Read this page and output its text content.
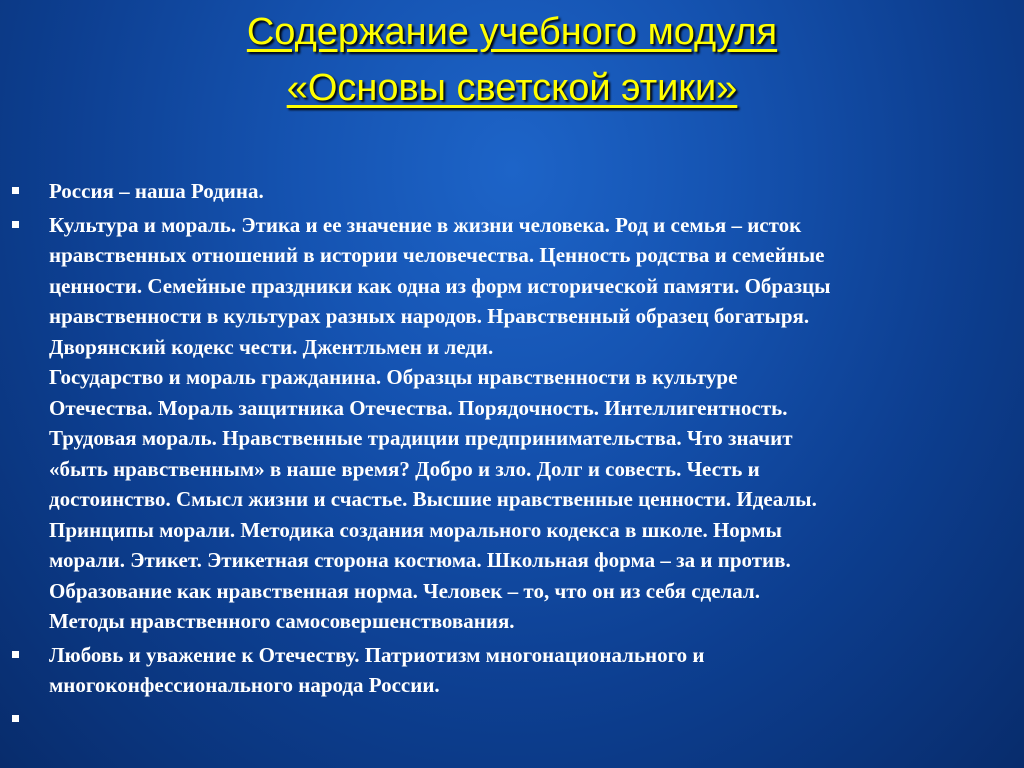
Содержание учебного модуля
«Основы светской этики»
Россия – наша Родина.
Культура и мораль. Этика и ее значение в жизни человека. Род и семья – исток
нравственных отношений в истории человечества. Ценность родства и семейные
ценности. Семейные праздники как одна из форм исторической памяти. Образцы
нравственности в культурах разных народов. Нравственный образец богатыря.
Дворянский кодекс чести. Джентльмен и леди.
Государство и мораль гражданина. Образцы нравственности в культуре
Отечества. Мораль защитника Отечества. Порядочность. Интеллигентность.
Трудовая мораль. Нравственные традиции предпринимательства. Что значит
«быть нравственным» в наше время? Добро и зло. Долг и совесть. Честь и
достоинство. Смысл жизни и счастье. Высшие нравственные ценности. Идеалы.
Принципы морали. Методика создания морального кодекса в школе. Нормы
морали. Этикет. Этикетная сторона костюма. Школьная форма – за и против.
Образование как нравственная норма. Человек – то, что он из себя сделал.
Методы нравственного самосовершенствования.
Любовь и уважение к Отечеству. Патриотизм многонационального и
многоконфессионального народа России.
